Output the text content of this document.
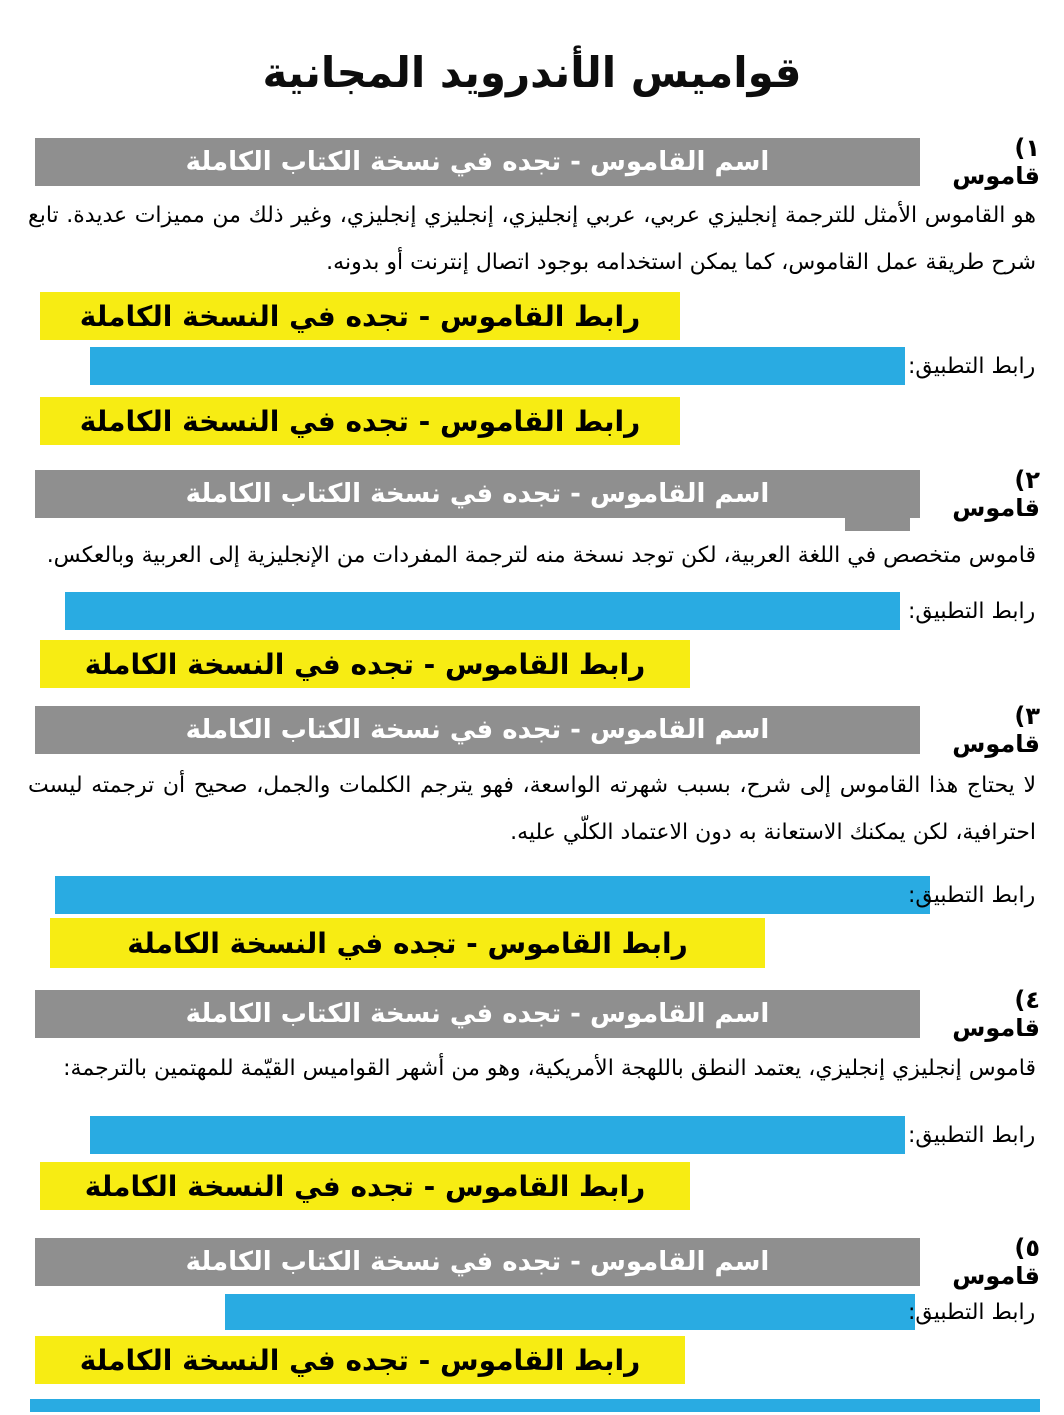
قواميس الأندرويد المجانية
اسم القاموس - تجده في نسخة الكتاب الكاملة	١) قاموس

هو القاموس الأمثل للترجمة إنجليزي عربي، عربي إنجليزي، إنجليزي إنجليزي، وغير ذلك من مميزات عديدة. تابع شرح طريقة عمل القاموس، كما يمكن استخدامه بوجود اتصال إنترنت أو بدونه.

رابط القاموس - تجده في النسخة الكاملة
رابط التطبيق:
رابط القاموس - تجده في النسخة الكاملة
اسم القاموس - تجده في نسخة الكتاب الكاملة	٢) قاموس

قاموس متخصص في اللغة العربية، لكن توجد نسخة منه لترجمة المفردات من الإنجليزية إلى العربية وبالعكس.

رابط التطبيق:
رابط القاموس - تجده في النسخة الكاملة
اسم القاموس - تجده في نسخة الكتاب الكاملة	٣) قاموس

لا يحتاج هذا القاموس إلى شرح، بسبب شهرته الواسعة، فهو يترجم الكلمات والجمل، صحيح أن ترجمته ليست احترافية، لكن يمكنك الاستعانة به دون الاعتماد الكلّي عليه.

رابط التطبيق:
رابط القاموس - تجده في النسخة الكاملة
اسم القاموس - تجده في نسخة الكتاب الكاملة	٤) قاموس

قاموس إنجليزي إنجليزي، يعتمد النطق باللهجة الأمريكية، وهو من أشهر القواميس القيّمة للمهتمين بالترجمة:

رابط التطبيق:
رابط القاموس - تجده في النسخة الكاملة
اسم القاموس - تجده في نسخة الكتاب الكاملة	٥) قاموس
رابط التطبيق:
رابط القاموس - تجده في النسخة الكاملة
